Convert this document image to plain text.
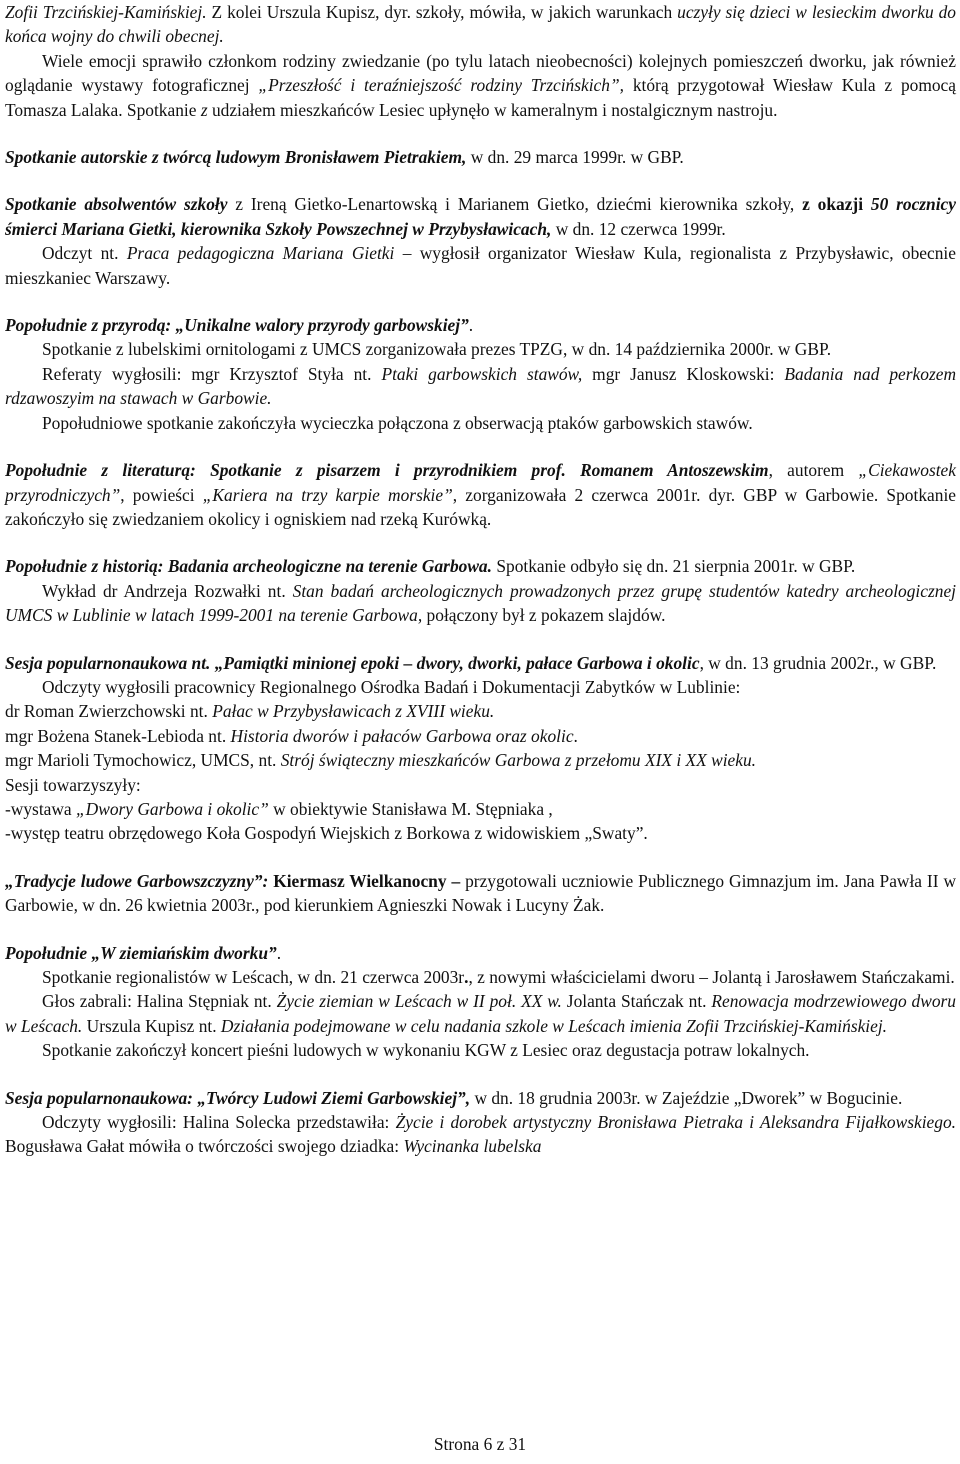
Zofii Trzcińskiej-Kamińskiej. Z kolei Urszula Kupisz, dyr. szkoły, mówiła, w jakich warunkach uczyły się dzieci w lesieckim dworku do końca wojny do chwili obecnej.

Wiele emocji sprawiło członkom rodziny zwiedzanie (po tylu latach nieobecności) kolejnych pomieszczeń dworku, jak również oglądanie wystawy fotograficznej „Przeszłość i teraźniejszość rodziny Trzcińskich”, którą przygotował Wiesław Kula z pomocą Tomasza Lalaka. Spotkanie z udziałem mieszkańców Lesiec upłynęło w kameralnym i nostalgicznym nastroju.

Spotkanie autorskie z twórcą ludowym Bronisławem Pietrakiem, w dn. 29 marca 1999r. w GBP.

Spotkanie absolwentów szkoły z Ireną Gietko-Lenartowską i Marianem Gietko, dziećmi kierownika szkoły, z okazji 50 rocznicy śmierci Mariana Gietki, kierownika Szkoły Powszechnej w Przybysławicach, w dn. 12 czerwca 1999r.

Odczyt nt. Praca pedagogiczna Mariana Gietki – wygłosił organizator Wiesław Kula, regionalista z Przybysławic, obecnie mieszkaniec Warszawy.

Popołudnie z przyrodą: „Unikalne walory przyrody garbowskiej”.

Spotkanie z lubelskimi ornitologami z UMCS zorganizowała prezes TPZG, w dn. 14 października 2000r. w GBP.

Referaty wygłosili: mgr Krzysztof Styła nt. Ptaki garbowskich stawów, mgr Janusz Kloskowski: Badania nad perkozem rdzawoszyim na stawach w Garbowie.

Popołudniowe spotkanie zakończyła wycieczka połączona z obserwacją ptaków garbowskich stawów.

Popołudnie z literaturą: Spotkanie z pisarzem i przyrodnikiem prof. Romanem Antoszewskim, autorem „Ciekawostek przyrodniczych”, powieści „Kariera na trzy karpie morskie”, zorganizowała 2 czerwca 2001r. dyr. GBP w Garbowie. Spotkanie zakończyło się zwiedzaniem okolicy i ogniskiem nad rzeką Kurówką.

Popołudnie z historią: Badania archeologiczne na terenie Garbowa. Spotkanie odbyło się dn. 21 sierpnia 2001r. w GBP.

Wykład dr Andrzeja Rozwałki nt. Stan badań archeologicznych prowadzonych przez grupę studentów katedry archeologicznej UMCS w Lublinie w latach 1999-2001 na terenie Garbowa, połączony był z pokazem slajdów.

Sesja popularnonaukowa nt. „Pamiątki minionej epoki – dwory, dworki, pałace Garbowa i okolic, w dn. 13 grudnia 2002r., w GBP.

Odczyty wygłosili pracownicy Regionalnego Ośrodka Badań i Dokumentacji Zabytków w Lublinie:

dr Roman Zwierzchowski nt. Pałac w Przybysławicach z XVIII wieku.

mgr Bożena Stanek-Lebioda nt. Historia dworów i pałaców Garbowa oraz okolic.

mgr Marioli Tymochowicz, UMCS, nt. Strój świąteczny mieszkańców Garbowa z przełomu XIX i XX wieku.

Sesji towarzyszyły:

-wystawa „Dwory Garbowa i okolic” w obiektywie Stanisława M. Stępniaka ,

-występ teatru obrzędowego Koła Gospodyń Wiejskich z Borkowa z widowiskiem „Swaty”.

„Tradycje ludowe Garbowszczyzny”: Kiermasz Wielkanocny – przygotowali uczniowie Publicznego Gimnazjum im. Jana Pawła II w Garbowie, w dn. 26 kwietnia 2003r., pod kierunkiem Agnieszki Nowak i Lucyny Żak.

Popołudnie „W ziemiańskim dworku”.

Spotkanie regionalistów w Leścach, w dn. 21 czerwca 2003r., z nowymi właścicielami dworu – Jolantą i Jarosławem Stańczakami.

Głos zabrali: Halina Stępniak nt. Życie ziemian w Leścach w II poł. XX w. Jolanta Stańczak nt. Renowacja modrzewiowego dworu w Leścach. Urszula Kupisz nt. Działania podejmowane w celu nadania szkole w Leścach imienia Zofii Trzcińskiej-Kamińskiej.

Spotkanie zakończył koncert pieśni ludowych w wykonaniu KGW z Lesiec oraz degustacja potraw lokalnych.

Sesja popularnonaukowa: „Twórcy Ludowi Ziemi Garbowskiej”, w dn. 18 grudnia 2003r. w Zajeździe „Dworek” w Bogucinie.

Odczyty wygłosili: Halina Solecka przedstawiła: Życie i dorobek artystyczny Bronisława Pietraka i Aleksandra Fijałkowskiego. Bogusława Gałat mówiła o twórczości swojego dziadka: Wycinanka lubelska

Strona 6 z 31
